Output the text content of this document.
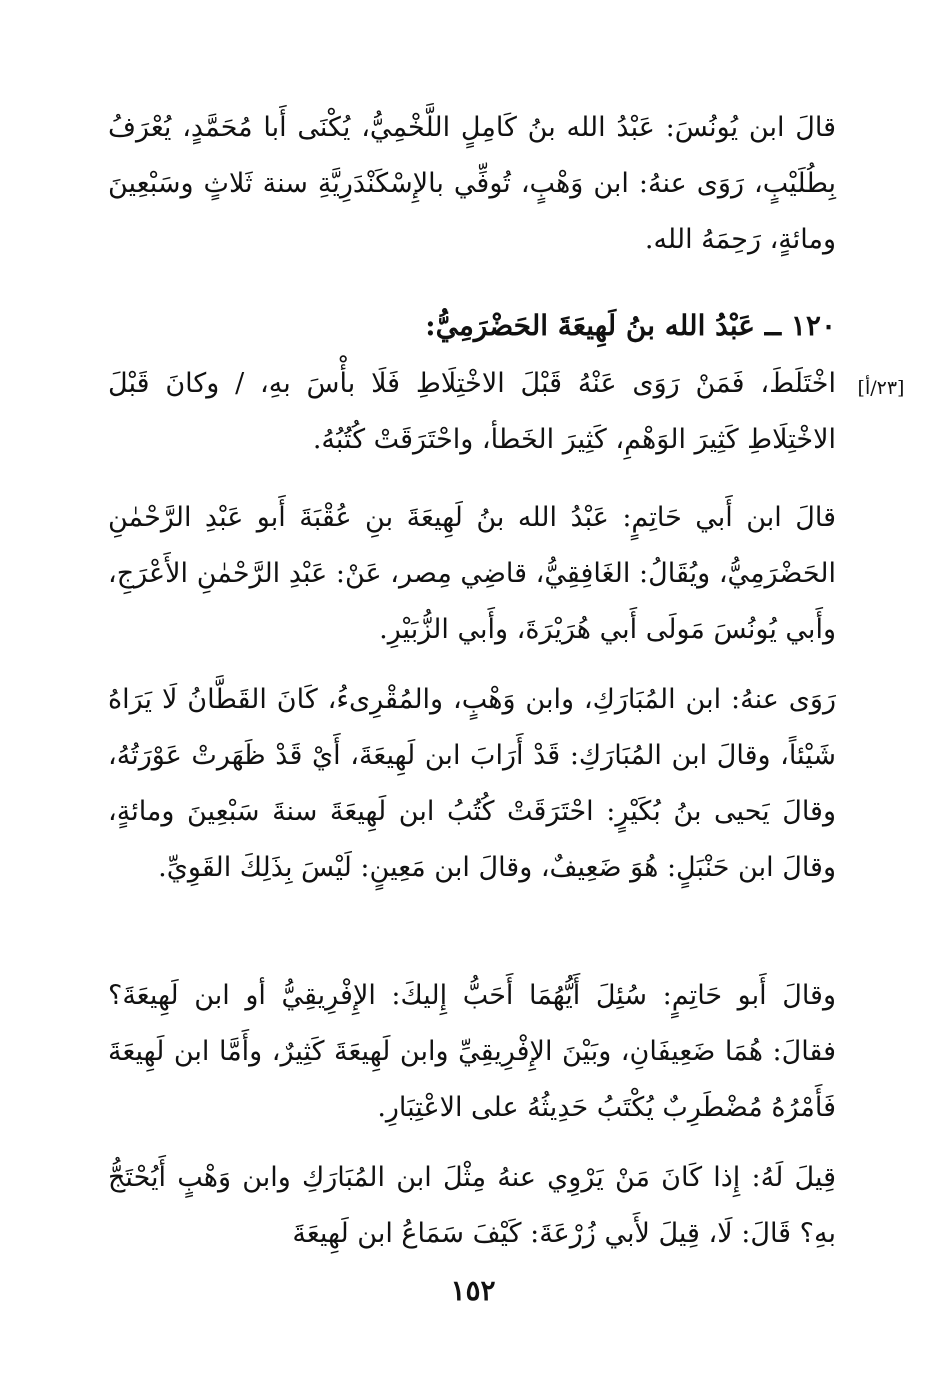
قالَ ابن يُونُسَ: عَبْدُ الله بنُ كَامِلٍ اللَّخْمِيُّ، يُكْنَى أَبا مُحَمَّدٍ، يُعْرَفُ بِطُلَيْبٍ، رَوَى عنهُ: ابن وَهْبٍ، تُوفِّي بالإِسْكَنْدَرِيَّةِ سنة ثَلاثٍ وسَبْعِينَ ومائةٍ، رَحِمَهُ الله.
١٢٠ ــ عَبْدُ الله بنُ لَهِيعَةَ الحَضْرَمِيُّ:
[٢٣/أ]
اخْتَلَطَ، فَمَنْ رَوَى عَنْهُ قَبْلَ الاخْتِلَاطِ فَلَا بأْسَ بهِ، / وكانَ قَبْلَ الاخْتِلَاطِ كَثِيرَ الوَهْمِ، كَثِيرَ الخَطأ، واحْتَرَقَتْ كُتُبُهُ.
قالَ ابن أَبي حَاتِمٍ: عَبْدُ الله بنُ لَهِيعَةَ بنِ عُقْبَةَ أَبو عَبْدِ الرَّحْمٰنِ الحَضْرَمِيُّ، ويُقَالُ: الغَافِقِيُّ، قاضِي مِصر، عَنْ: عَبْدِ الرَّحْمٰنِ الأَعْرَجِ، وأَبي يُونُسَ مَولَى أَبي هُرَيْرَةَ، وأَبي الزُّبَيْرِ.
رَوَى عنهُ: ابن المُبَارَكِ، وابن وَهْبٍ، والمُقْرِىءُ، كَانَ القَطَّانُ لَا يَرَاهُ شَيْئاً، وقالَ ابن المُبَارَكِ: قَدْ أَرَابَ ابن لَهِيعَةَ، أَيْ قَدْ ظَهَرتْ عَوْرَتُهُ، وقالَ يَحيى بنُ بُكَيْرٍ: احْتَرَقَتْ كُتُبُ ابن لَهِيعَةَ سنةَ سَبْعِينَ ومائةٍ، وقالَ ابن حَنْبَلٍ: هُوَ ضَعِيفٌ، وقالَ ابن مَعِينٍ: لَيْسَ بِذَلِكَ القَوِيِّ.
وقالَ أَبو حَاتِمٍ: سُئِلَ أَيُّهُمَا أَحَبُّ إِليكَ: الإِفْرِيقِيُّ أو ابن لَهِيعَةَ؟ فقالَ: هُمَا ضَعِيفَانِ، وبَيْنَ الإِفْرِيقِيِّ وابن لَهِيعَةَ كَثِيرٌ، وأَمَّا ابن لَهِيعَةَ فَأَمْرُهُ مُضْطَرِبٌ يُكْتَبُ حَدِيثُهُ على الاعْتِبَارِ.
قِيلَ لَهُ: إِذا كَانَ مَنْ يَرْوِي عنهُ مِثْلَ ابن المُبَارَكِ وابن وَهْبٍ أَيُحْتَجُّ بهِ؟ قَالَ: لَا، قِيلَ لأَبي زُرْعَةَ: كَيْفَ سَمَاعُ ابن لَهِيعَةَ
١٥٢
